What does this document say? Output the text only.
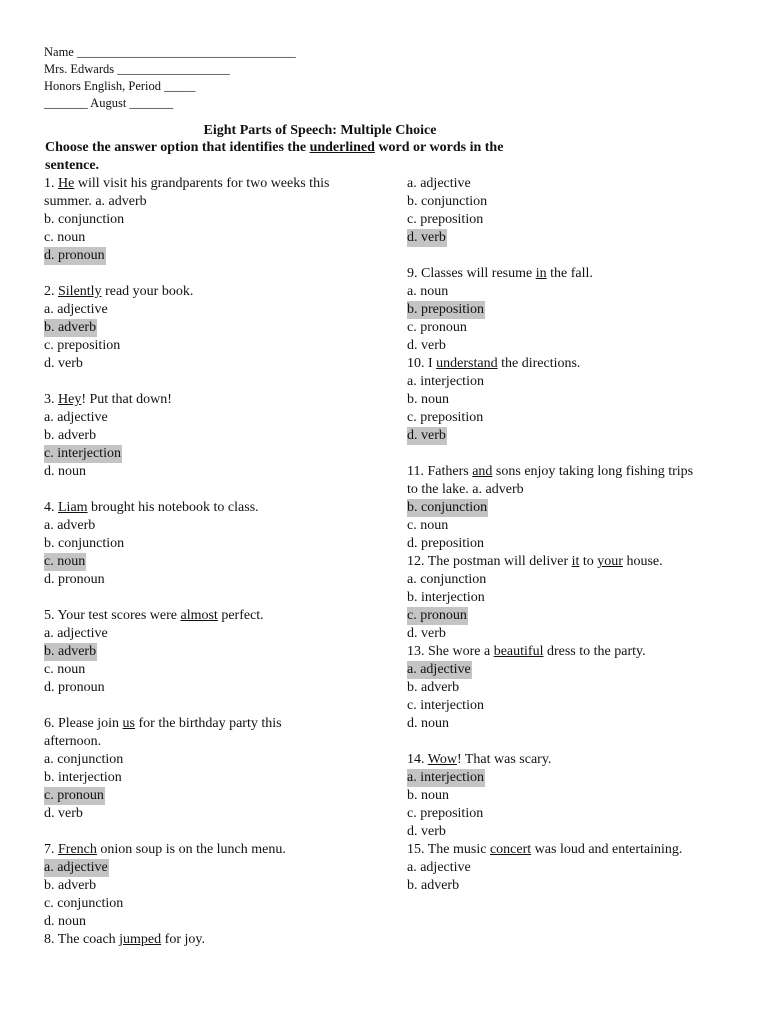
Name ___________________________________
Mrs. Edwards __________________
Honors English, Period _____
_______ August _______
Eight Parts of Speech: Multiple Choice
Choose the answer option that identifies the underlined word or words in the
sentence.
1. He will visit his grandparents for two weeks this
summer. a. adverb
b. conjunction
c. noun
d. pronoun
2. Silently read your book.
a. adjective
b. adverb
c. preposition
d. verb
3. Hey! Put that down!
a. adjective
b. adverb
c. interjection
d. noun
4. Liam brought his notebook to class.
a. adverb
b. conjunction
c. noun
d. pronoun
5. Your test scores were almost perfect.
a. adjective
b. adverb
c. noun
d. pronoun
6. Please join us for the birthday party this
afternoon.
a. conjunction
b. interjection
c. pronoun
d. verb
7. French onion soup is on the lunch menu.
a. adjective
b. adverb
c. conjunction
d. noun
8. The coach jumped for joy.
a. adjective
b. conjunction
c. preposition
d. verb
9. Classes will resume in the fall.
a. noun
b. preposition
c. pronoun
d. verb
10. I understand the directions.
a. interjection
b. noun
c. preposition
d. verb
11. Fathers and sons enjoy taking long fishing trips
to the lake. a. adverb
b. conjunction
c. noun
d. preposition
12. The postman will deliver it to your house.
a. conjunction
b. interjection
c. pronoun
d. verb
13. She wore a beautiful dress to the party.
a. adjective
b. adverb
c. interjection
d. noun
14. Wow! That was scary.
a. interjection
b. noun
c. preposition
d. verb
15. The music concert was loud and entertaining.
a. adjective
b. adverb
